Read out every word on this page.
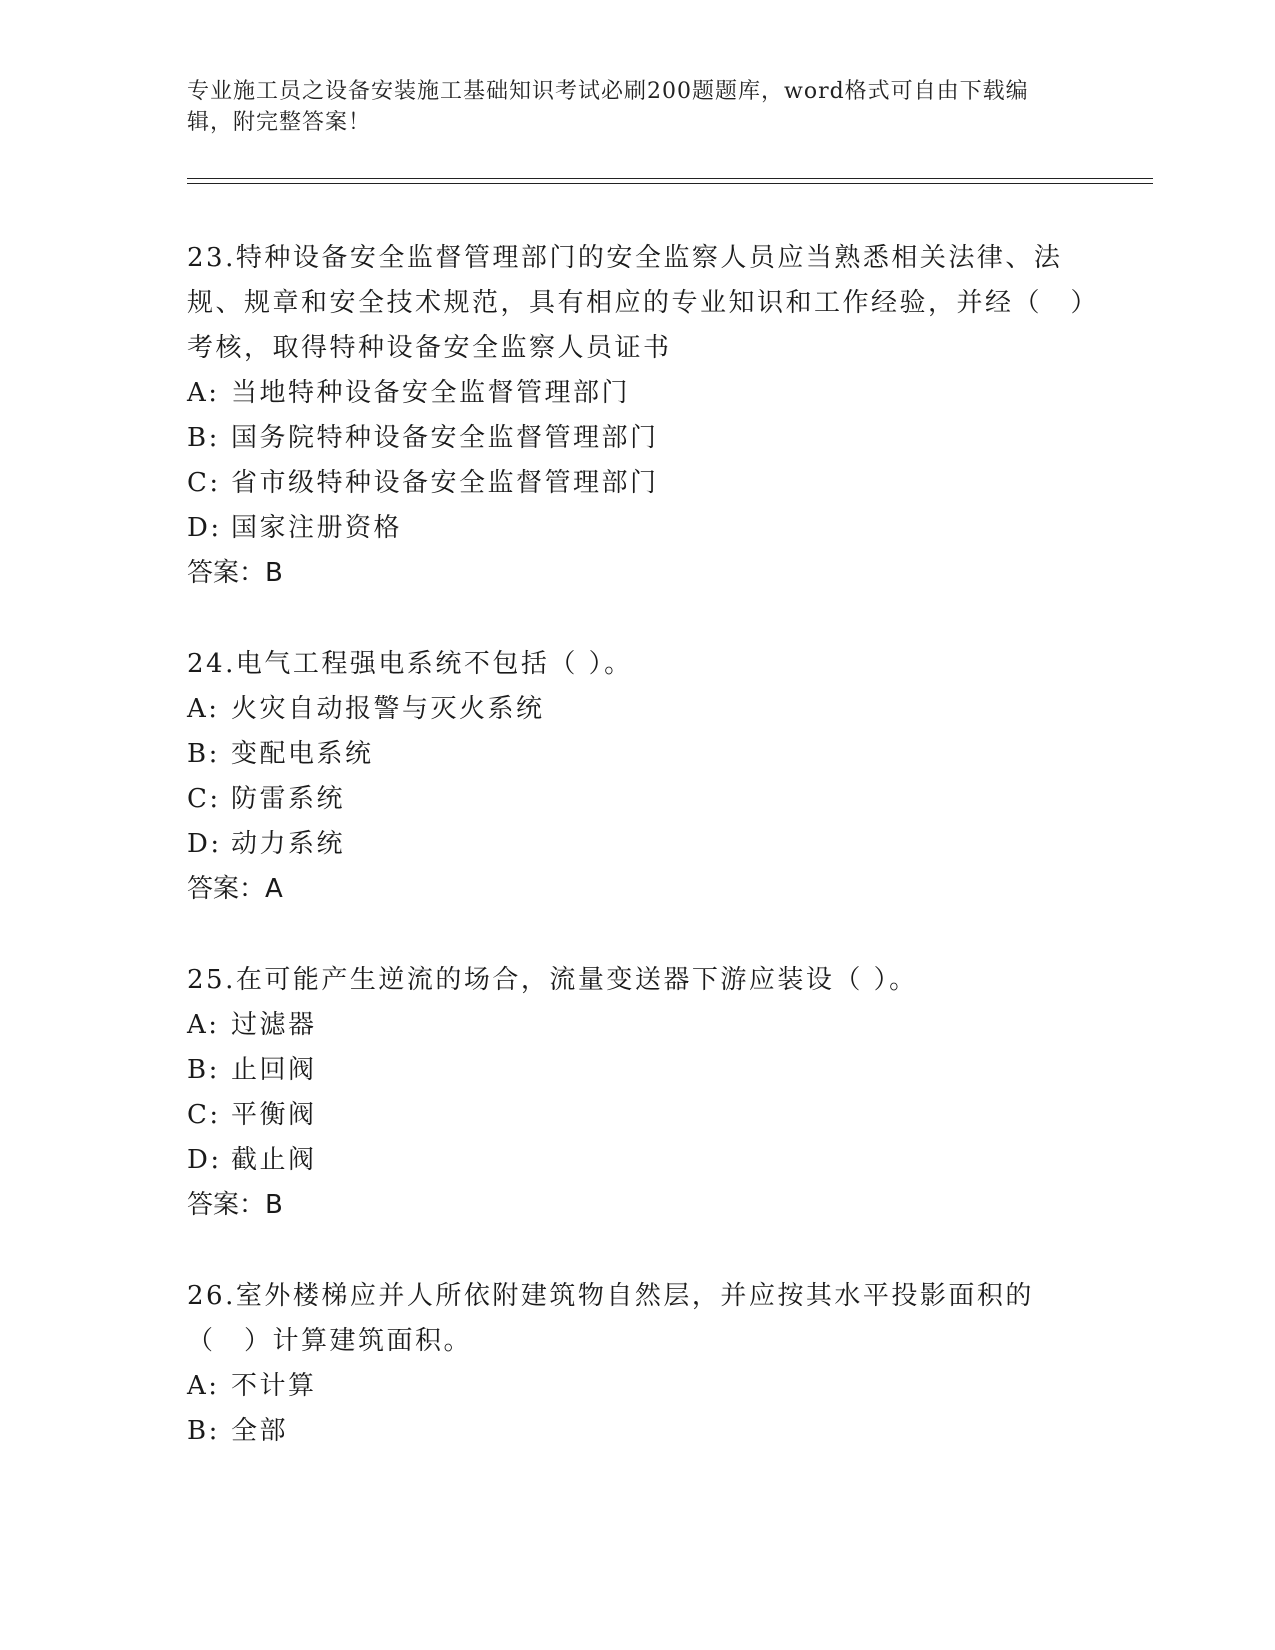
专业施工员之设备安装施工基础知识考试必刷200题题库，word格式可自由下载编辑，附完整答案！

23.特种设备安全监督管理部门的安全监察人员应当熟悉相关法律、法规、规章和安全技术规范，具有相应的专业知识和工作经验，并经（　）考核，取得特种设备安全监察人员证书

A: 当地特种设备安全监督管理部门

B: 国务院特种设备安全监督管理部门

C: 省市级特种设备安全监督管理部门

D: 国家注册资格

答案：B

24.电气工程强电系统不包括（ ）。

A: 火灾自动报警与灭火系统

B: 变配电系统

C: 防雷系统

D: 动力系统

答案：A

25.在可能产生逆流的场合，流量变送器下游应装设（ ）。

A: 过滤器

B: 止回阀

C: 平衡阀

D: 截止阀

答案：B

26.室外楼梯应并人所依附建筑物自然层，并应按其水平投影面积的（　）计算建筑面积。

A: 不计算

B: 全部
